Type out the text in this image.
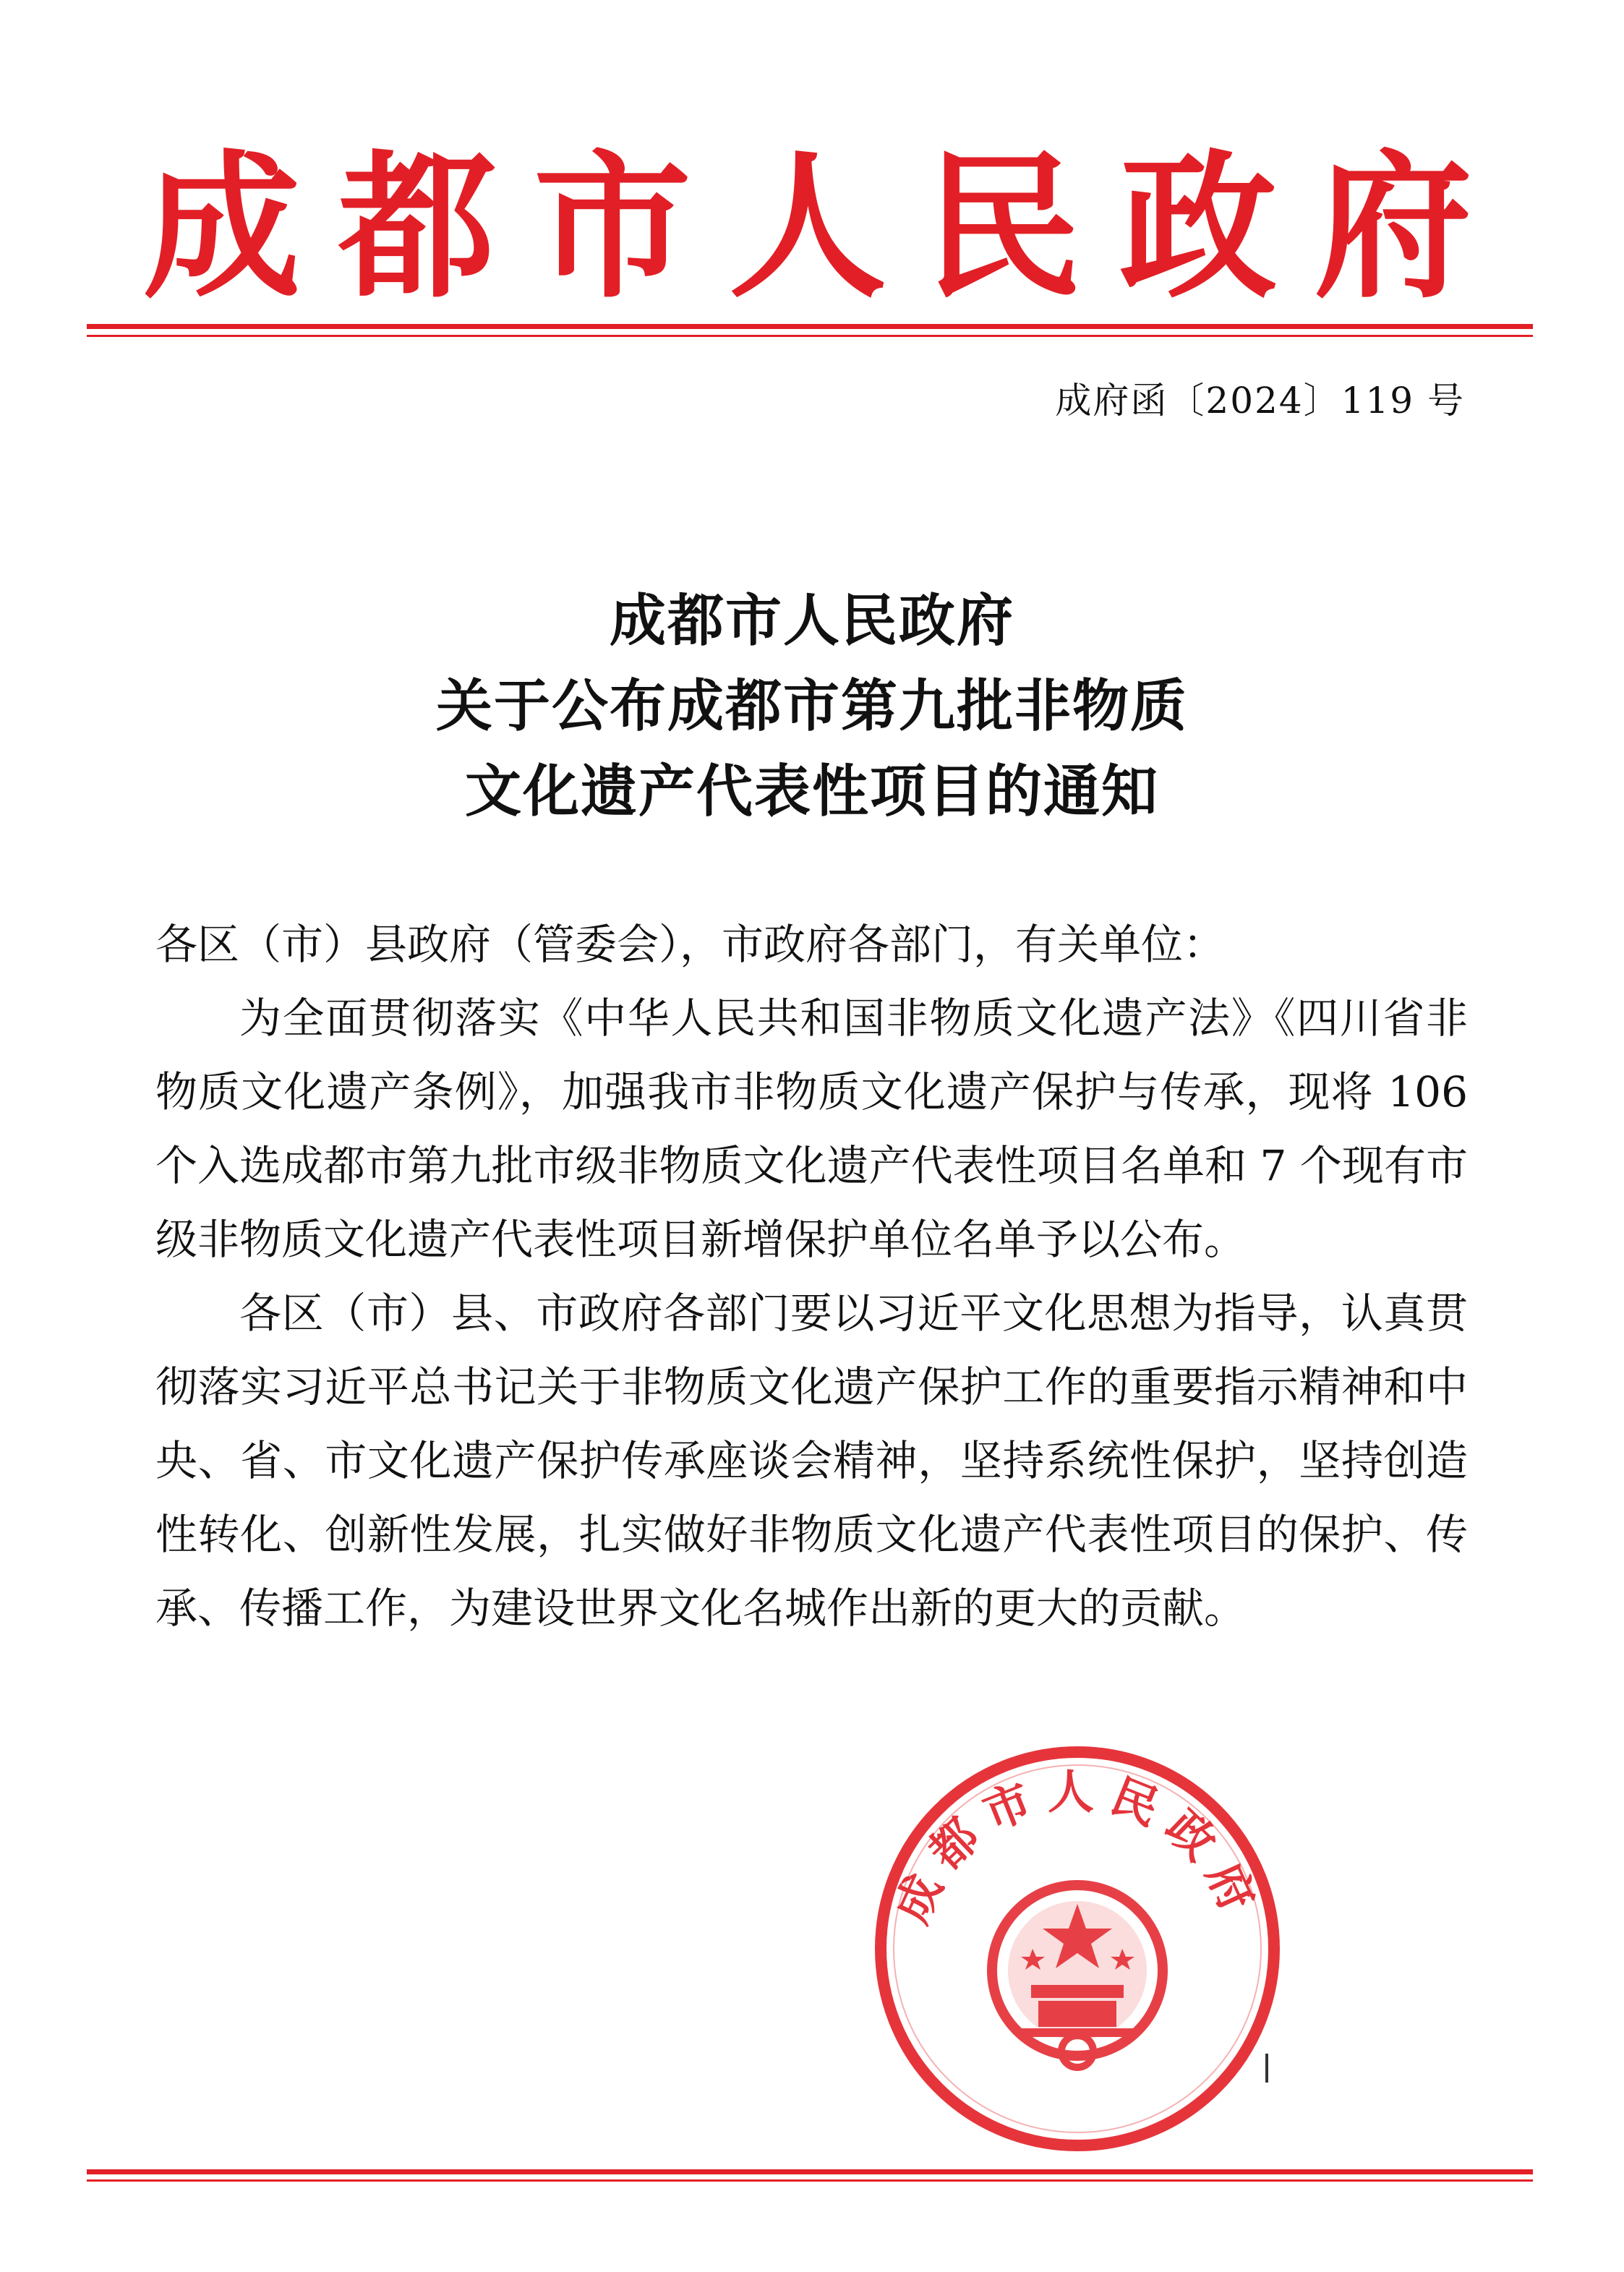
成都市人民政府
成府函〔2024〕119 号
成都市人民政府
关于公布成都市第九批非物质
文化遗产代表性项目的通知

各区（市）县政府（管委会），市政府各部门，有关单位：

为全面贯彻落实《中华人民共和国非物质文化遗产法》《四川省非物质文化遗产条例》，加强我市非物质文化遗产保护与传承，现将 106 个入选成都市第九批市级非物质文化遗产代表性项目名单和 7 个现有市级非物质文化遗产代表性项目新增保护单位名单予以公布。

各区（市）县、市政府各部门要以习近平文化思想为指导，认真贯彻落实习近平总书记关于非物质文化遗产保护工作的重要指示精神和中央、省、市文化遗产保护传承座谈会精神，坚持系统性保护，坚持创造性转化、创新性发展，扎实做好非物质文化遗产代表性项目的保护、传承、传播工作，为建设世界文化名城作出新的更大的贡献。

成都市人民政府
